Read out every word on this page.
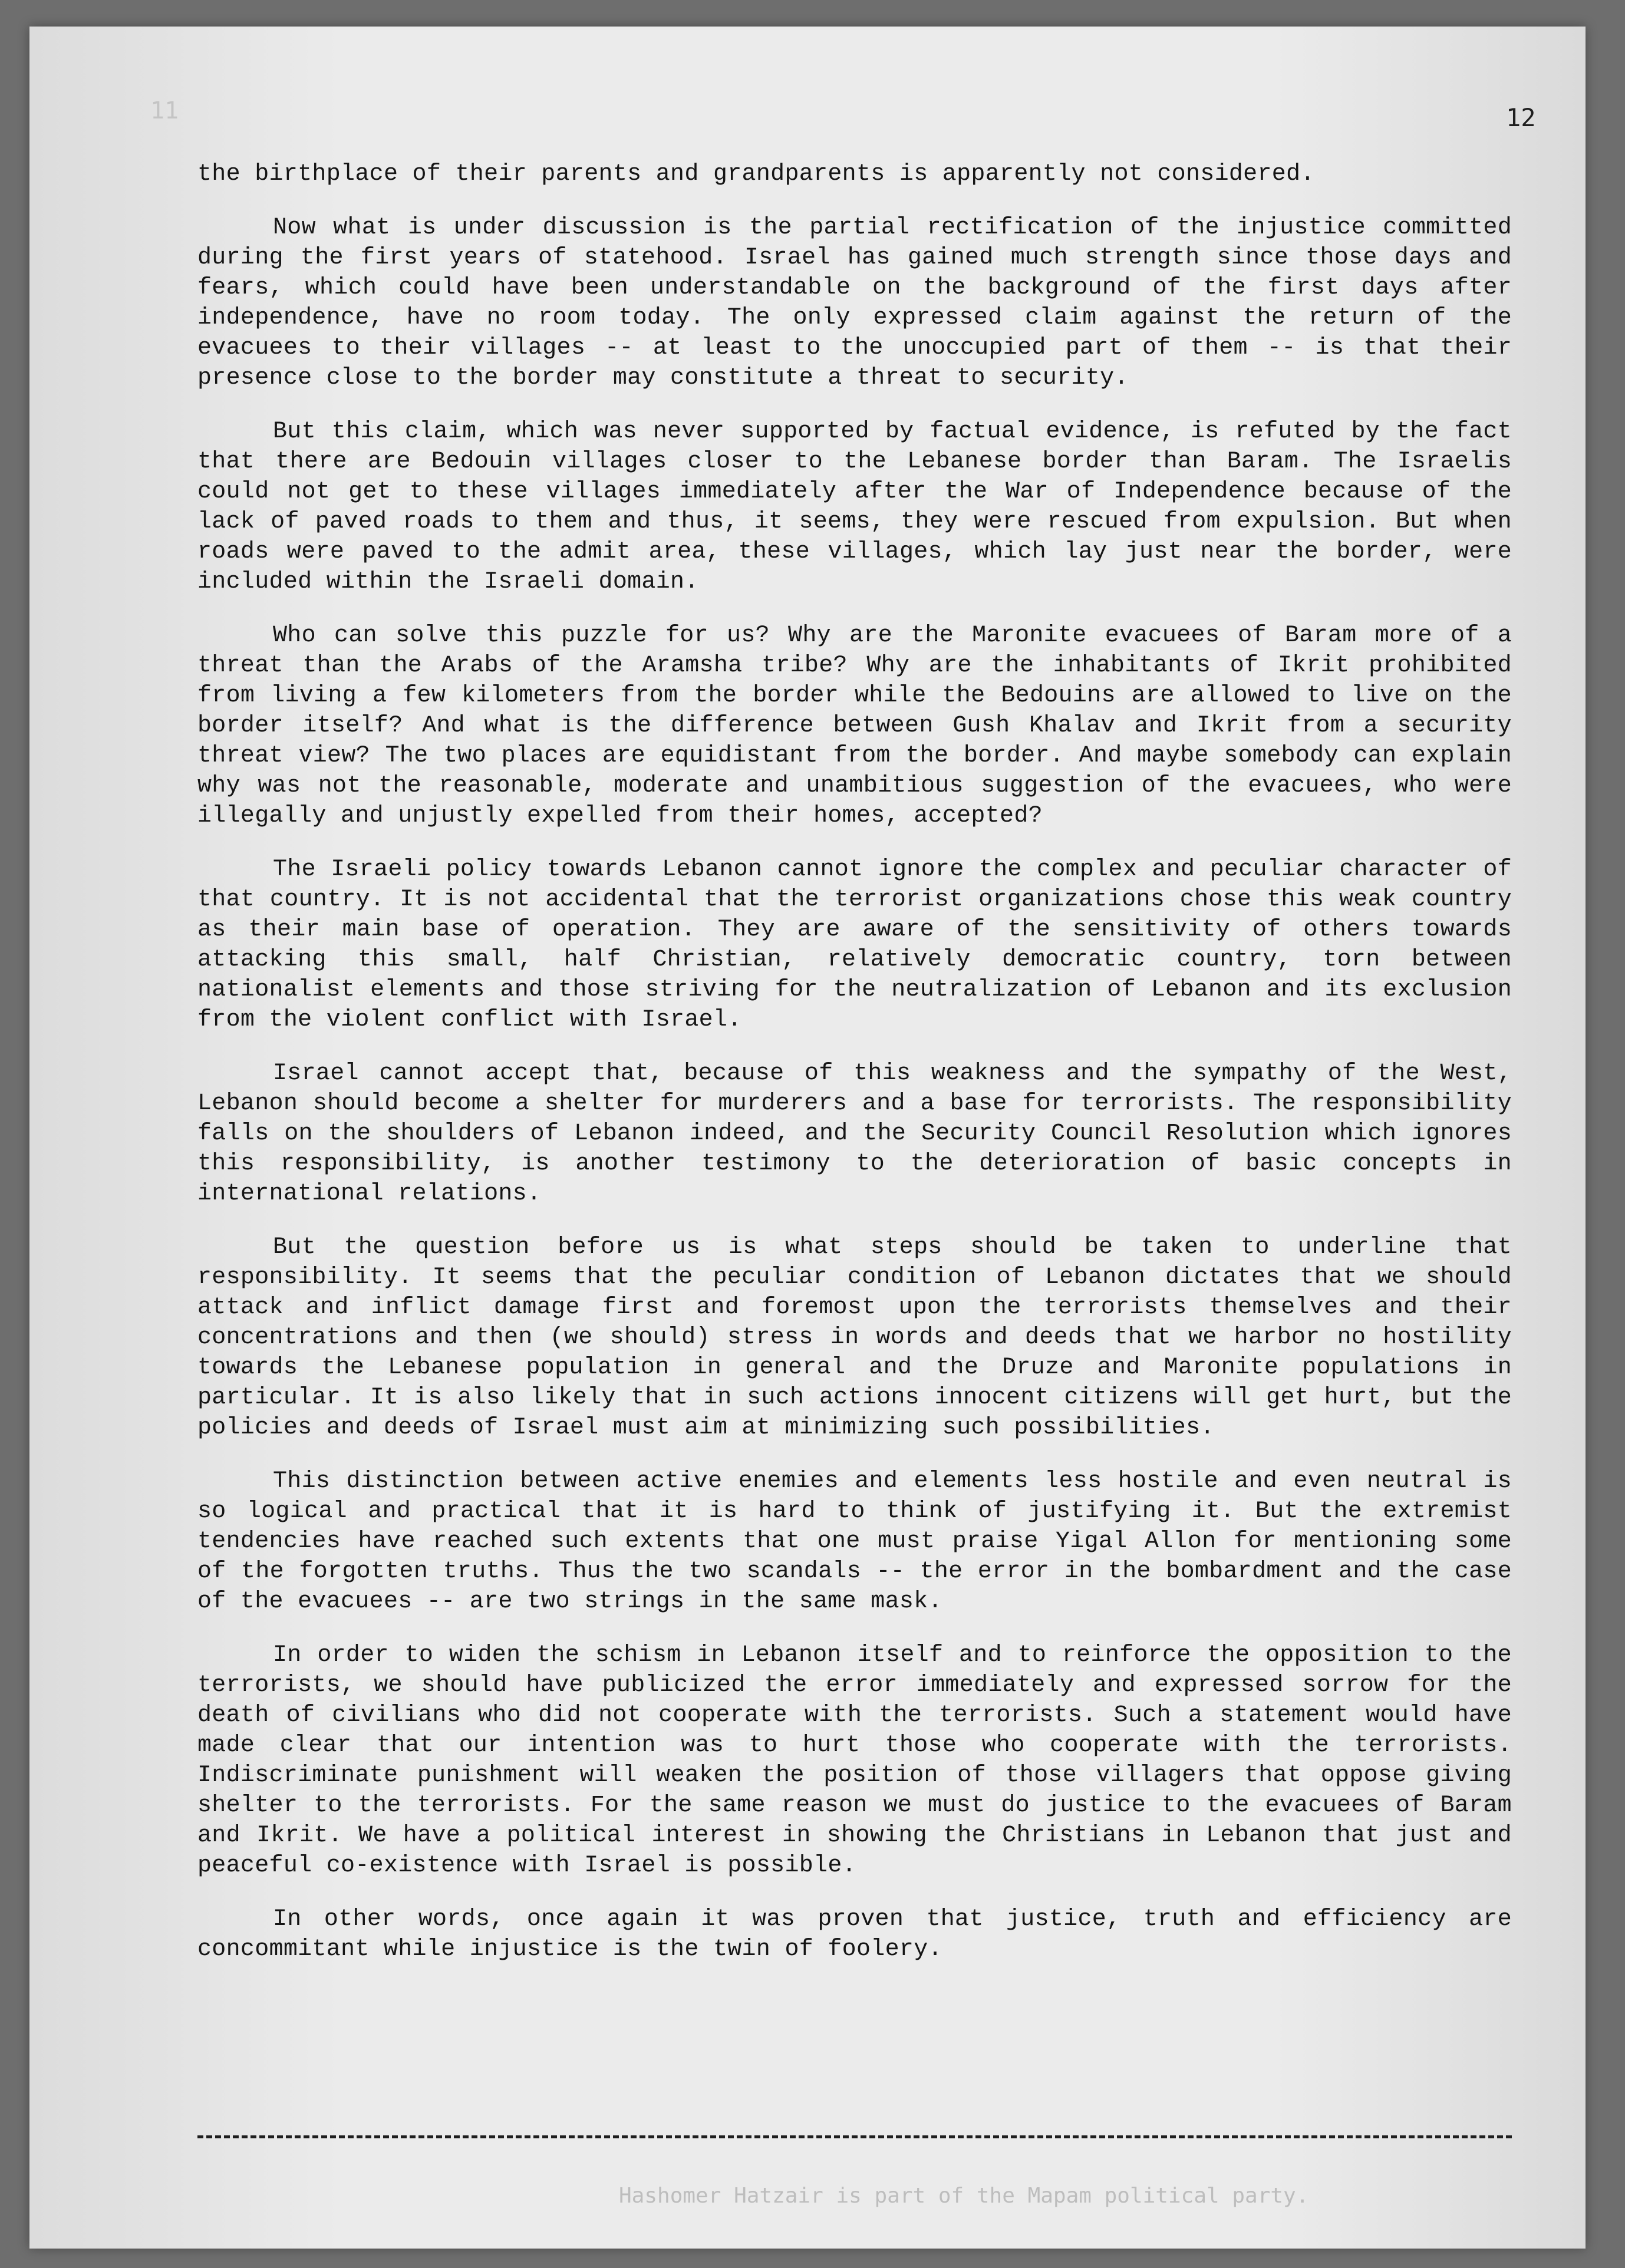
11	12

the birthplace of their parents and grandparents is apparently not considered.

Now what is under discussion is the partial rectification of the injustice committed during the first years of statehood. Israel has gained much strength since those days and fears, which could have been understandable on the background of the first days after independence, have no room today. The only expressed claim against the return of the evacuees to their villages -- at least to the unoccupied part of them -- is that their presence close to the border may constitute a threat to security.

But this claim, which was never supported by factual evidence, is refuted by the fact that there are Bedouin villages closer to the Lebanese border than Baram. The Israelis could not get to these villages immediately after the War of Independence because of the lack of paved roads to them and thus, it seems, they were rescued from expulsion. But when roads were paved to the admit area, these villages, which lay just near the border, were included within the Israeli domain.

Who can solve this puzzle for us? Why are the Maronite evacuees of Baram more of a threat than the Arabs of the Aramsha tribe? Why are the inhabitants of Ikrit prohibited from living a few kilometers from the border while the Bedouins are allowed to live on the border itself? And what is the difference between Gush Khalav and Ikrit from a security threat view? The two places are equidistant from the border. And maybe somebody can explain why was not the reasonable, moderate and unambitious suggestion of the evacuees, who were illegally and unjustly expelled from their homes, accepted?

The Israeli policy towards Lebanon cannot ignore the complex and peculiar character of that country. It is not accidental that the terrorist organizations chose this weak country as their main base of operation. They are aware of the sensitivity of others towards attacking this small, half Christian, relatively democratic country, torn between nationalist elements and those striving for the neutralization of Lebanon and its exclusion from the violent conflict with Israel.

Israel cannot accept that, because of this weakness and the sympathy of the West, Lebanon should become a shelter for murderers and a base for terrorists. The responsibility falls on the shoulders of Lebanon indeed, and the Security Council Resolution which ignores this responsibility, is another testimony to the deterioration of basic concepts in international relations.

But the question before us is what steps should be taken to underline that responsibility. It seems that the peculiar condition of Lebanon dictates that we should attack and inflict damage first and foremost upon the terrorists themselves and their concentrations and then (we should) stress in words and deeds that we harbor no hostility towards the Lebanese population in general and the Druze and Maronite populations in particular. It is also likely that in such actions innocent citizens will get hurt, but the policies and deeds of Israel must aim at minimizing such possibilities.

This distinction between active enemies and elements less hostile and even neutral is so logical and practical that it is hard to think of justifying it. But the extremist tendencies have reached such extents that one must praise Yigal Allon for mentioning some of the forgotten truths. Thus the two scandals -- the error in the bombardment and the case of the evacuees -- are two strings in the same mask.

In order to widen the schism in Lebanon itself and to reinforce the opposition to the terrorists, we should have publicized the error immediately and expressed sorrow for the death of civilians who did not cooperate with the terrorists. Such a statement would have made clear that our intention was to hurt those who cooperate with the terrorists. Indiscriminate punishment will weaken the position of those villagers that oppose giving shelter to the terrorists. For the same reason we must do justice to the evacuees of Baram and Ikrit. We have a political interest in showing the Christians in Lebanon that just and peaceful co-existence with Israel is possible.

In other words, once again it was proven that justice, truth and efficiency are concommitant while injustice is the twin of foolery.

Hashomer Hatzair is part of the Mapam political party.
